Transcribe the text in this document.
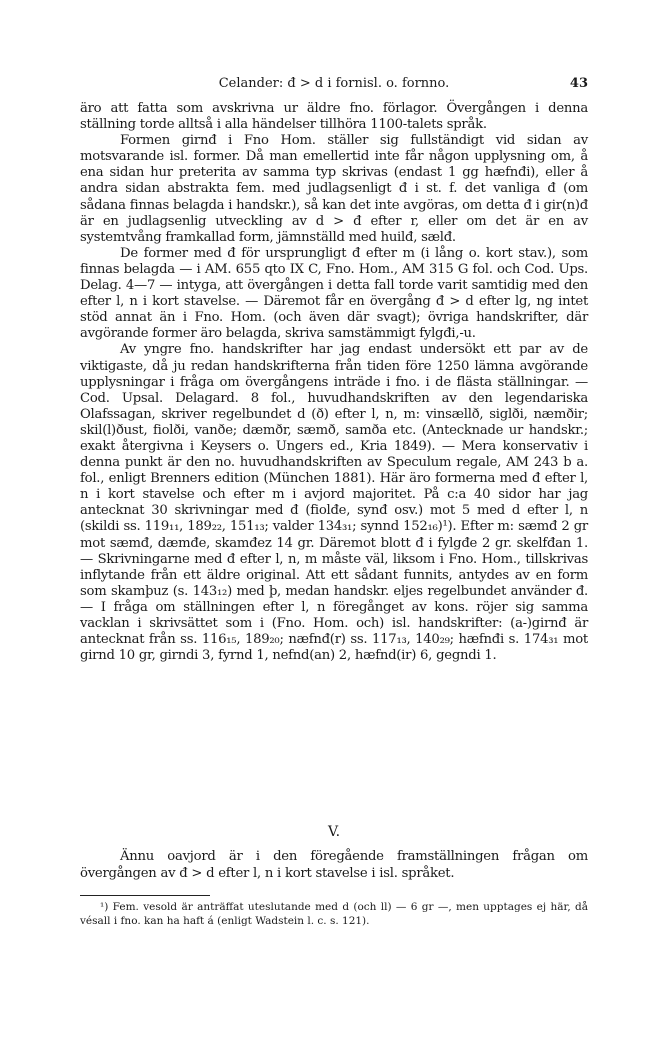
Celander: đ > d i fornisl. o. fornno.	43

äro att fatta som avskrivna ur äldre fno. förlagor. Övergången i denna ställning torde alltså i alla händelser tillhöra 1100-talets språk.

Formen girnđ i Fno Hom. ställer sig fullständigt vid sidan av motsvarande isl. former. Då man emellertid inte får någon upplysning om, å ena sidan hur preterita av samma typ skrivas (endast 1 gg hæfnđi), eller å andra sidan abstrakta fem. med judlagsenligt đ i st. f. det vanliga đ (om sådana finnas belagda i handskr.), så kan det inte avgöras, om detta đ i gir(n)đ är en judlagsenlig utveckling av d > đ efter r, eller om det är en av systemtvång framkallad form, jämnställd med huilđ, sælđ.

De former med đ för ursprungligt đ efter m (i lång o. kort stav.), som finnas belagda — i AM. 655 qto IX C, Fno. Hom., AM 315 G fol. och Cod. Ups. Delag. 4—7 — intyga, att övergången i detta fall torde varit samtidig med den efter l, n i kort stavelse. — Däremot får en övergång đ > d efter lg, ng intet stöd annat än i Fno. Hom. (och även där svagt); övriga handskrifter, där avgörande former äro belagda, skriva samstämmigt fylgđi,-u.

Av yngre fno. handskrifter har jag endast undersökt ett par av de viktigaste, då ju redan handskrifterna från tiden före 1250 lämna avgörande upplysningar i fråga om övergångens inträde i fno. i de flästa ställningar. — Cod. Upsal. Delagard. 8 fol., huvudhandskriften av den legendariska Olafssagan, skriver regelbundet d (ð) efter l, n, m: vinsællð, siglði, næmðir; skil(l)ðust, fiolði, vanðe; dæmðr, sæmð, samða etc. (Antecknade ur handskr.; exakt återgivna i Keysers o. Ungers ed., Kria 1849). — Mera konservativ i denna punkt är den no. huvudhandskriften av Speculum regale, AM 243 b a. fol., enligt Brenners edition (München 1881). Här äro formerna med đ efter l, n i kort stavelse och efter m i avjord majoritet. På c:a 40 sidor har jag antecknat 30 skrivningar med đ (fiolđe, synđ osv.) mot 5 med d efter l, n (skildi ss. 119₁₁, 189₂₂, 151₁₃; valder 134₃₁; synnd 152₁₆)¹). Efter m: sæmđ 2 gr mot sæmđ, dæmđe, skamđez 14 gr. Däremot blott đ i fylgđe 2 gr. skelfđan 1. — Skrivningarne med đ efter l, n, m måste väl, liksom i Fno. Hom., tillskrivas inflytande från ett äldre original. Att ett sådant funnits, antydes av en form som skamþuz (s. 143₁₂) med þ, medan handskr. eljes regelbundet använder đ. — I fråga om ställningen efter l, n föregånget av kons. röjer sig samma vacklan i skrivsättet som i (Fno. Hom. och) isl. handskrifter: (a-)girnđ är antecknat från ss. 116₁₅, 189₂₀; næfnđ(r) ss. 117₁₃, 140₂₉; hæfnđi s. 174₃₁ mot girnd 10 gr, girndi 3, fyrnd 1, nefnd(an) 2, hæfnd(ir) 6, gegndi 1.

V.

Ännu oavjord är i den föregående framställningen frågan om övergången av đ > d efter l, n i kort stavelse i isl. språket.

¹) Fem. vesold är anträffat uteslutande med d (och ll) — 6 gr —, men upptages ej här, då vésall i fno. kan ha haft á (enligt Wadstein l. c. s. 121).
